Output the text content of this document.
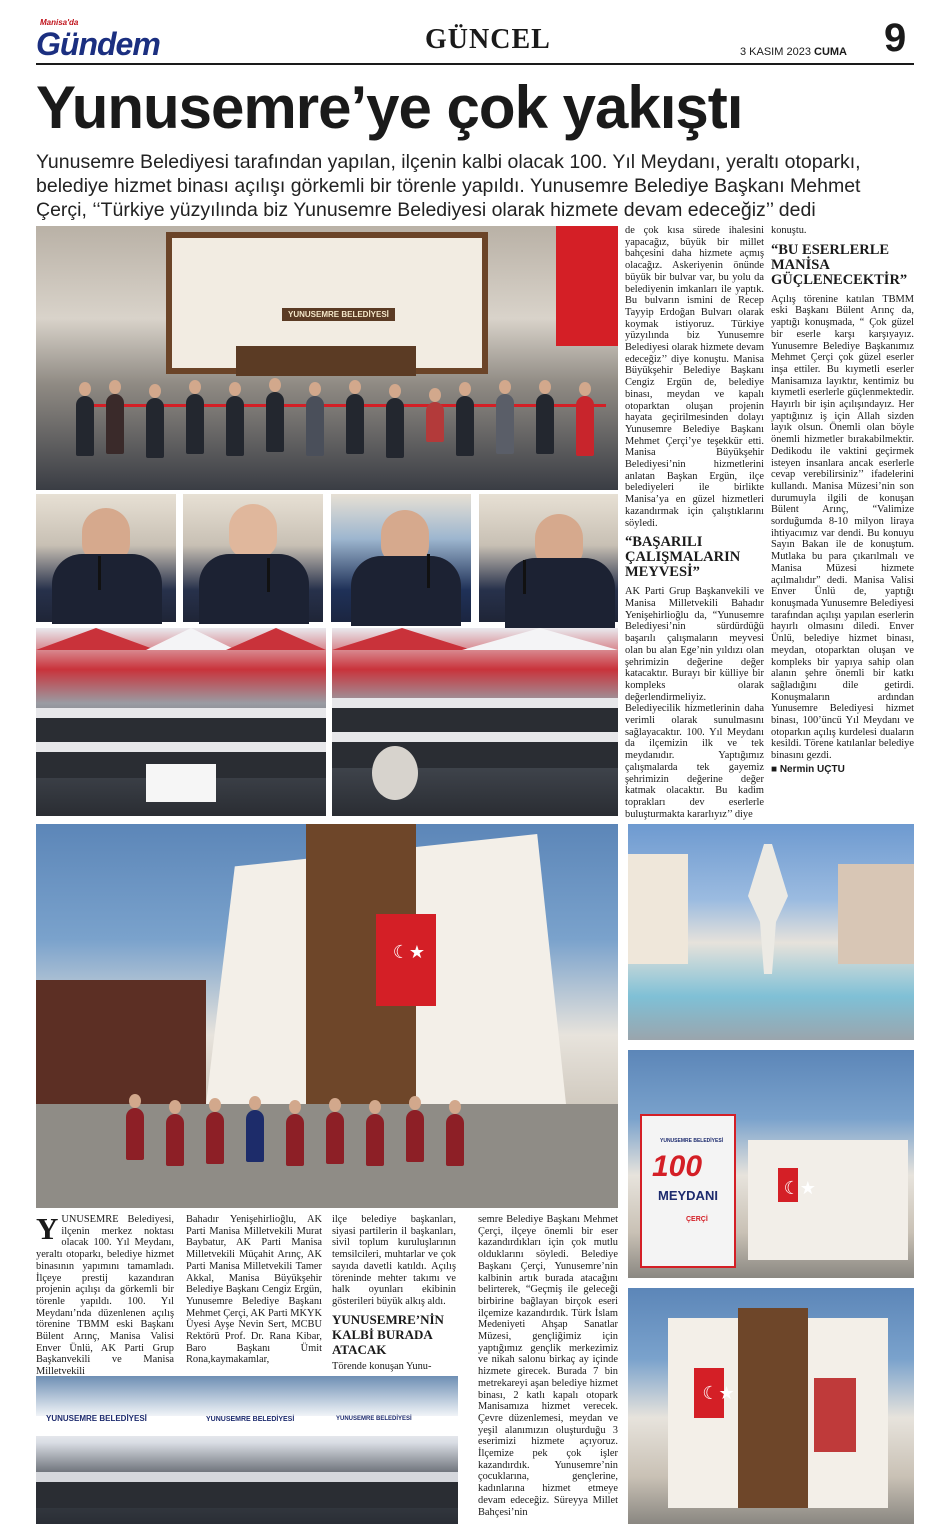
Manisa'da
Gündem	GÜNCEL	3 KASIM 2023 CUMA 9
Yunusemre’ye çok yakıştı
Yunusemre Belediyesi tarafından yapılan, ilçenin kalbi olacak 100. Yıl Meydanı, yeraltı otoparkı, belediye hizmet binası açılışı görkemli bir törenle yapıldı. Yunusemre Belediye Başkanı Mehmet Çerçi, ‘‘Türkiye yüzyılında biz Yunusemre Belediyesi olarak hizmete devam edeceğiz’’ dedi
YUNUSEMRE BELEDİYESİ
☾★
YUNUSEMRE BELEDİYESİ
100
MEYDANI
ÇERÇİ
☾★
☾★
YUNUSEMRE BELEDİYESİ	YUNUSEMRE BELEDİYESİ	YUNUSEMRE BELEDİYESİ

de çok kısa sürede ihalesini yapacağız, büyük bir millet bahçesini daha hizmete açmış olacağız. Askeriyenin önünde büyük bir bulvar var, bu yolu da belediyenin imkanları ile yaptık. Bu bulvarın ismini de Recep Tayyip Erdoğan Bulvarı olarak koymak istiyoruz. Türkiye yüzyılında biz Yunusemre Belediyesi olarak hizmete devam edeceğiz’’ diye konuştu. Manisa Büyükşehir Belediye Başkanı Cengiz Ergün de, belediye binası, meydan ve kapalı otoparktan oluşan projenin hayata geçirilmesinden dolayı Yunusemre Belediye Başkanı Mehmet Çerçi’ye teşekkür etti. Manisa Büyükşehir Belediyesi’nin hizmetlerini anlatan Başkan Ergün, ilçe belediyeleri ile birlikte Manisa’ya en güzel hizmetleri kazandırmak için çalıştıklarını söyledi.

“BAŞARILI ÇALIŞMALARIN MEYVESİ”

AK Parti Grup Başkanvekili ve Manisa Milletvekili Bahadır Yenişehirlioğlu da, “Yunusemre Belediyesi’nin sürdürdüğü başarılı çalışmaların meyvesi olan bu alan Ege’nin yıldızı olan şehrimizin değerine değer katacaktır. Burayı bir külliye bir kompleks olarak değerlendirmeliyiz. Belediyecilik hizmetlerinin daha verimli olarak sunulmasını sağlayacaktır. 100. Yıl Meydanı da ilçemizin ilk ve tek meydanıdır. Yaptığımız çalışmalarda tek gayemiz şehrimizin değerine değer katmak olacaktır. Bu kadim toprakları dev eserlerle buluşturmakta kararlıyız’’ diye

konuştu.

“BU ESERLERLE MANİSA GÜÇLENECEKTİR”

Açılış törenine katılan TBMM eski Başkanı Bülent Arınç da, yaptığı konuşmada, “ Çok güzel bir eserle karşı karşıyayız. Yunusemre Belediye Başkanımız Mehmet Çerçi çok güzel eserler inşa ettiler. Bu kıymetli eserler Manisamıza layıktır, kentimiz bu kıymetli eserlerle güçlenmektedir. Hayırlı bir işin açılışındayız. Her yaptığınız iş için Allah sizden layık olsun. Önemli olan böyle önemli hizmetler bırakabilmektir. Dedikodu ile vaktini geçirmek isteyen insanlara ancak eserlerle cevap verebilirsiniz’’ ifadelerini kullandı. Manisa Müzesi’nin son durumuyla ilgili de konuşan Bülent Arınç, “Valimize sorduğumda 8-10 milyon liraya ihtiyacımız var dendi. Bu konuyu Sayın Bakan ile de konuştum. Mutlaka bu para çıkarılmalı ve Manisa Müzesi hizmete açılmalıdır” dedi. Manisa Valisi Enver Ünlü de, yaptığı konuşmada Yunusemre Belediyesi tarafından açılışı yapılan eserlerin hayırlı olmasını diledi. Enver Ünlü, belediye hizmet binası, meydan, otoparktan oluşan ve kompleks bir yapıya sahip olan alanın şehre önemli bir katkı sağladığını dile getirdi. Konuşmaların ardından Yunusemre Belediyesi hizmet binası, 100’üncü Yıl Meydanı ve otoparkın açılış kurdelesi duaların kesildi. Törene katılanlar belediye binasını gezdi.

■ Nermin UÇTU
Y UNUSEMRE Belediyesi, ilçenin merkez noktası olacak 100. Yıl Meydanı, yeraltı otoparkı, belediye hizmet binasının yapımını tamamladı. İlçeye prestij kazandıran projenin açılışı da görkemli bir törenle yapıldı. 100. Yıl Meydanı’nda düzenlenen açılış törenine TBMM eski Başkanı Bülent Arınç, Manisa Valisi Enver Ünlü, AK Parti Grup Başkanvekili ve Manisa Milletvekili

Bahadır Yenişehirlioğlu, AK Parti Manisa Milletvekili Murat Baybatur, AK Parti Manisa Milletvekili Müçahit Arınç, AK Parti Manisa Milletvekili Tamer Akkal, Manisa Büyükşehir Belediye Başkanı Cengiz Ergün, Yunusemre Belediye Başkanı Mehmet Çerçi, AK Parti MKYK Üyesi Ayşe Nevin Sert, MCBU Rektörü Prof. Dr. Rana Kibar, Baro Başkanı Ümit Rona,kaymakamlar,

ilçe belediye başkanları, siyasi partilerin il başkanları, sivil toplum kuruluşlarının temsilcileri, muhtarlar ve çok sayıda davetli katıldı. Açılış töreninde mehter takımı ve halk oyunları ekibinin gösterileri büyük alkış aldı.

YUNUSEMRE’NİN KALBİ BURADA ATACAK

Törende konuşan Yunu-

semre Belediye Başkanı Mehmet Çerçi, ilçeye önemli bir eser kazandırdıkları için çok mutlu olduklarını söyledi. Belediye Başkanı Çerçi, Yunusemre’nin kalbinin artık burada atacağını belirterek, “Geçmiş ile geleceği birbirine bağlayan birçok eseri ilçemize kazandırdık. Türk İslam Medeniyeti Ahşap Sanatlar Müzesi, gençliğimiz için yaptığımız gençlik merkezimiz ve nikah salonu birkaç ay içinde hizmete girecek. Burada 7 bin metrekareyi aşan belediye hizmet binası, 2 katlı kapalı otopark Manisamıza hizmet verecek. Çevre düzenlemesi, meydan ve yeşil alanımızın oluşturduğu 3 eserimizi hizmete açıyoruz. İlçemize pek çok işler kazandırdık. Yunusemre’nin çocuklarına, gençlerine, kadınlarına hizmet etmeye devam edeceğiz. Süreyya Millet Bahçesi’nin
